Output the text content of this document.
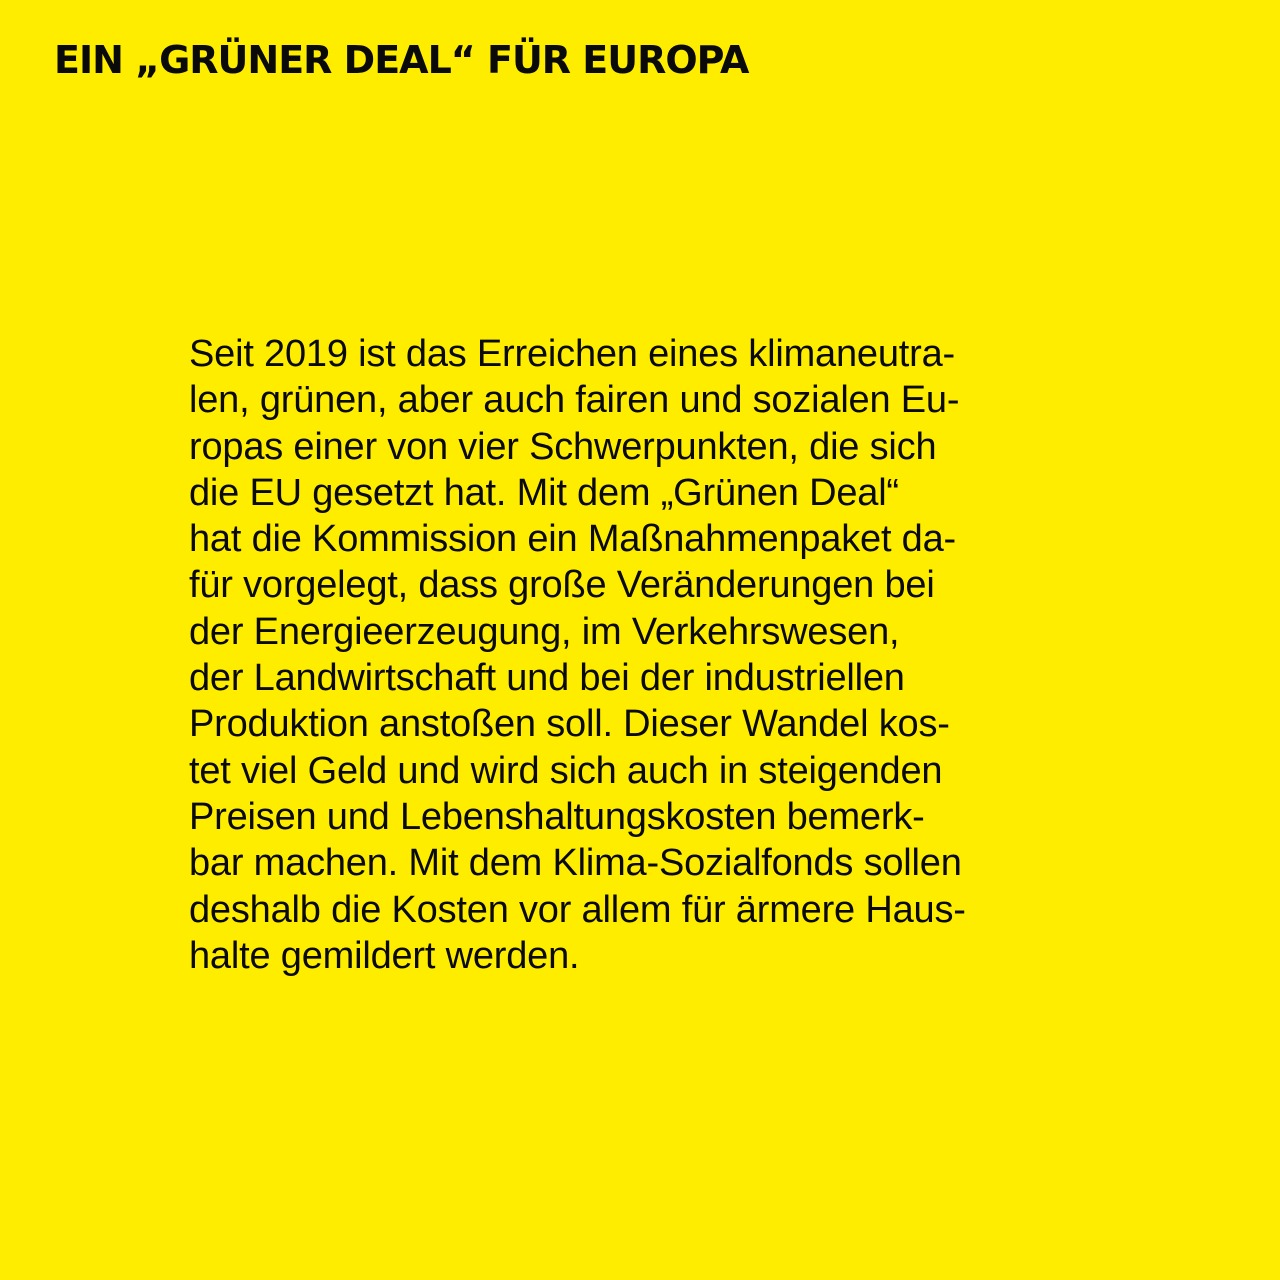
EIN „GRÜNER DEAL“ FÜR EUROPA

Seit 2019 ist das Erreichen eines klimaneutra-
len, grünen, aber auch fairen und sozialen Eu-
ropas einer von vier Schwerpunkten, die sich
die EU gesetzt hat. Mit dem „Grünen Deal“
hat die Kommission ein Maßnahmenpaket da-
für vorgelegt, dass große Veränderungen bei
der Energieerzeugung, im Verkehrswesen,
der Landwirtschaft und bei der industriellen
Produktion anstoßen soll. Dieser Wandel kos-
tet viel Geld und wird sich auch in steigenden
Preisen und Lebenshaltungskosten bemerk-
bar machen. Mit dem Klima-Sozialfonds sollen
deshalb die Kosten vor allem für ärmere Haus-
halte gemildert werden.
